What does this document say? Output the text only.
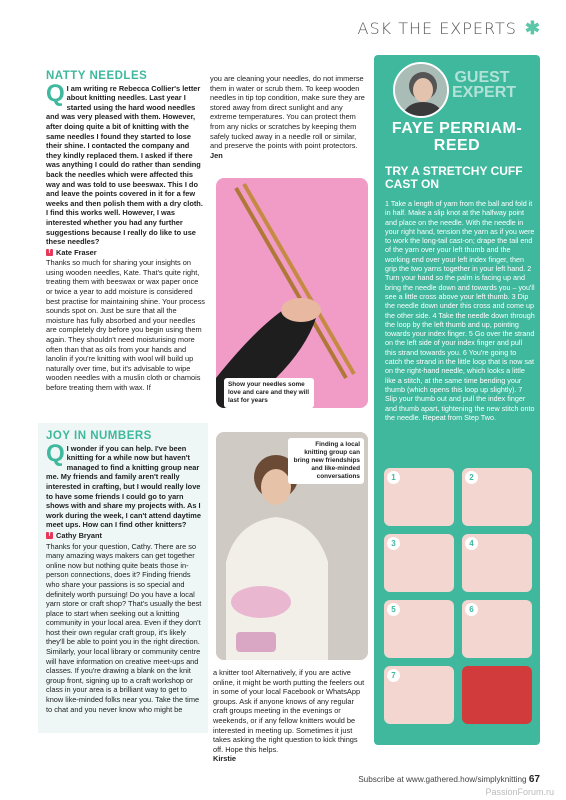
ASK THE EXPERTS ✱
NATTY NEEDLES
Q I am writing re Rebecca Collier's letter about knitting needles. Last year I started using the hard wood needles and was very pleased with them. However, after doing quite a bit of knitting with the same needles I found they started to lose their shine. I contacted the company and they kindly replaced them. I asked if there was anything I could do rather than sending back the needles which were affected this way and was told to use beeswax. This I do and leave the points covered in it for a few weeks and then polish them with a dry cloth. I find this works well. However, I was interested whether you had any further suggestions because I really do like to use these needles?
f Kate Fraser
Thanks so much for sharing your insights on using wooden needles, Kate. That's quite right, treating them with beeswax or wax paper once or twice a year to add moisture is considered best practise for maintaining shine. Your process sounds spot on. Just be sure that all the moisture has fully absorbed and your needles are completely dry before you begin using them again. They shouldn't need moisturising more often than that as oils from your hands and lanolin if you're knitting with wool will build up naturally over time, but it's advisable to wipe wooden needles with a muslin cloth or chamois before treating them with wax. If
you are cleaning your needles, do not immerse them in water or scrub them. To keep wooden needles in tip top condition, make sure they are stored away from direct sunlight and any extreme temperatures. You can protect them from any nicks or scratches by keeping them safely tucked away in a needle roll or similar, and preserve the points with point protectors.
Jen
Show your needles some love and care and they will last for years
JOY IN NUMBERS
Q I wonder if you can help. I've been knitting for a while now but haven't managed to find a knitting group near me. My friends and family aren't really interested in crafting, but I would really love to have some friends I could go to yarn shows with and share my projects with. As I work during the week, I can't attend daytime meet ups. How can I find other knitters?
f Cathy Bryant
Thanks for your question, Cathy. There are so many amazing ways makers can get together online now but nothing quite beats those in-person connections, does it? Finding friends who share your passions is so special and definitely worth pursuing! Do you have a local yarn store or craft shop? That's usually the best place to start when seeking out a knitting community in your local area. Even if they don't host their own regular craft group, it's likely they'll be able to point you in the right direction. Similarly, your local library or community centre will have information on creative meet-ups and classes. If you're drawing a blank on the knit group front, signing up to a craft workshop or class in your area is a brilliant way to get to know like-minded folks near you. Take the time to chat and you never know who might be
a knitter too! Alternatively, if you are active online, it might be worth putting the feelers out in some of your local Facebook or WhatsApp groups. Ask if anyone knows of any regular craft groups meeting in the evenings or weekends, or if any fellow knitters would be interested in meeting up. Sometimes it just takes asking the right question to kick things off. Hope this helps.
Kirstie
Finding a local knitting group can bring new friendships and like-minded conversations
GUEST EXPERT
FAYE PERRIAM-REED
TRY A STRETCHY CUFF CAST ON
1 Take a length of yarn from the ball and fold it in half. Make a slip knot at the halfway point and place on the needle. With the needle in your right hand, tension the yarn as if you were to work the long-tail cast-on; drape the tail end of the yarn over your left thumb and the working end over your left index finger, then grip the two yarns together in your left hand. 2 Turn your hand so the palm is facing up and bring the needle down and towards you – you'll see a little cross above your left thumb. 3 Dip the needle down under this cross and come up the other side. 4 Take the needle down through the loop by the left thumb and up, pointing towards your index finger. 5 Go over the strand on the left side of your index finger and pull this strand towards you. 6 You're going to catch the strand in the little loop that is now sat on the right-hand needle, which looks a little like a stitch, at the same time bending your thumb (which opens this loop up slightly). 7 Slip your thumb out and pull the index finger and thumb apart, tightening the new stitch onto the needle. Repeat from Step Two.
1	2
3	4
5	6
7
Subscribe at www.gathered.how/simplyknitting 67
PassionForum.ru
